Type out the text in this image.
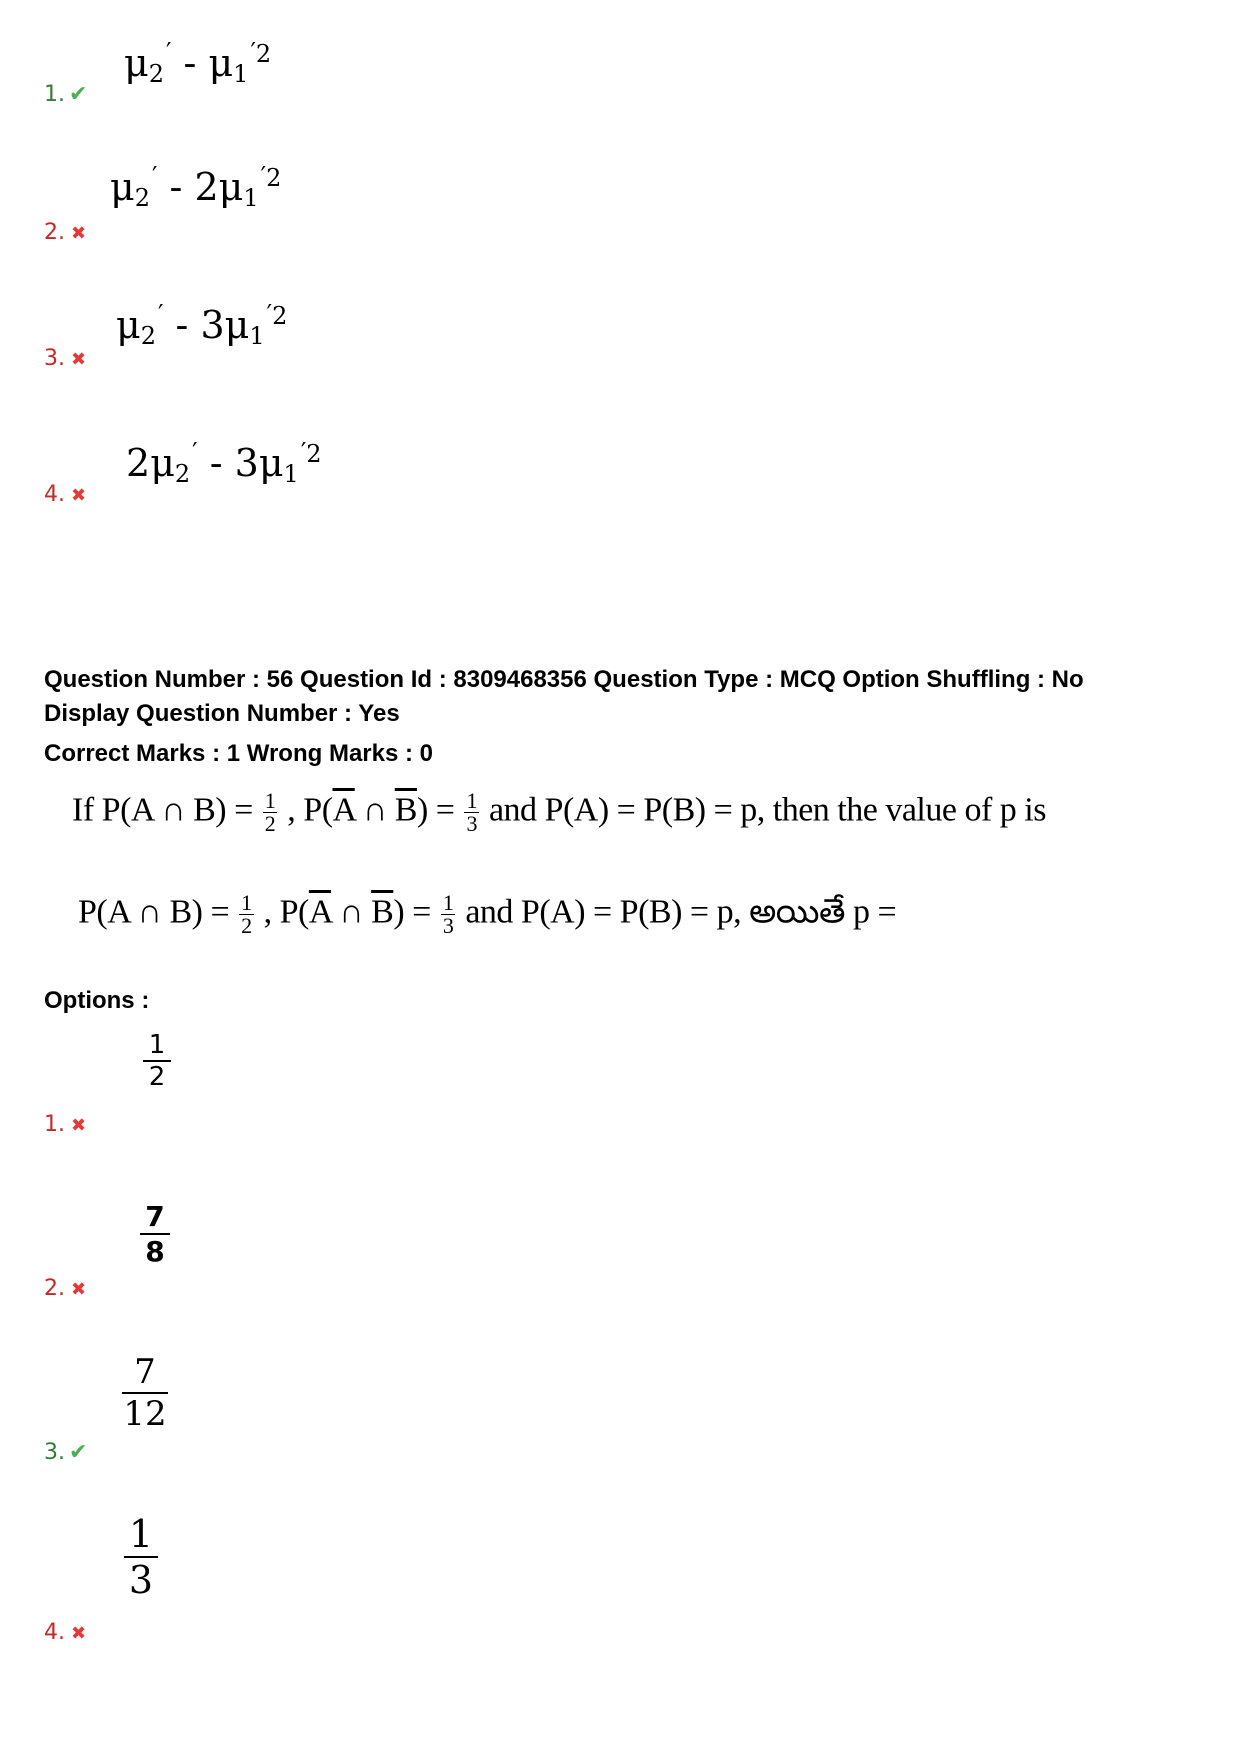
$\mu_2' - \mu_1^{'2}$
1. ✔
$\mu_2' - 2\mu_1^{'2}$
2. ✖
$\mu_2' - 3\mu_1^{'2}$
3. ✖
$2\mu_2' - 3\mu_1^{'2}$
4. ✖
Question Number : 56 Question Id : 8309468356 Question Type : MCQ Option Shuffling : No
Display Question Number : Yes
Correct Marks : 1 Wrong Marks : 0
If P(A ∩ $B) = \frac{1}{2}$ , $P(\overline{A}$ ∩ $\overline{B}) = \frac{1}{3}$ and P(A) = P(B) = p, then the value of p is
P(A ∩ $B) = \frac{1}{2}$ , $P(\overline{A}$ ∩ $\overline{B}) = \frac{1}{3}$ and P(A) = P(B) = p, అయితే p =
Options :
1
2
1. ✖
7
8
2. ✖
7
12
3. ✔
1
3
4. ✖
